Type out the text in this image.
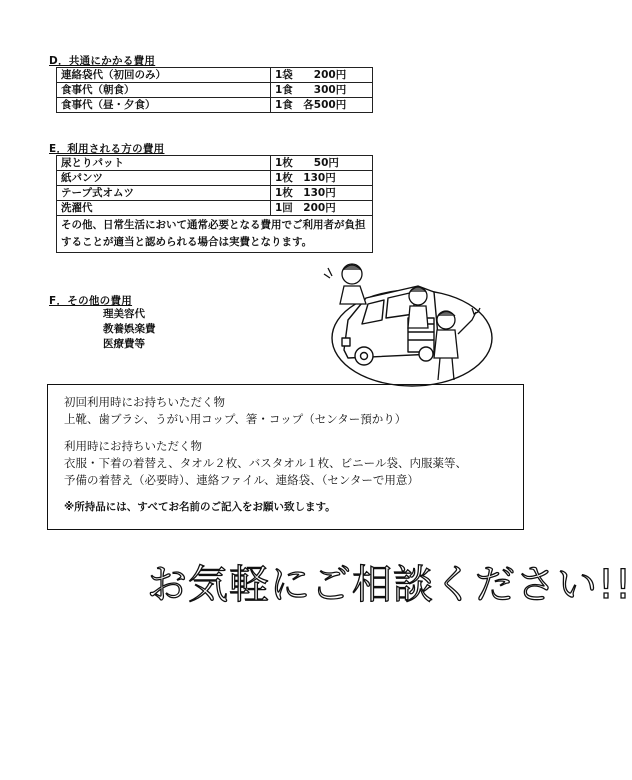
D．共通にかかる費用
連絡袋代（初回のみ）	1袋　　200円
食事代（朝食）	1食　　300円
食事代（昼・夕食）	1食　各500円
E．利用される方の費用
尿とりパット	1枚　　50円
紙パンツ	1枚　130円
テープ式オムツ	1枚　130円
洗濯代	1回　200円
その他、日常生活において通常必要となる費用でご利用者が負担することが適当と認められる場合は実費となります。	
F．その他の費用
理美容代
教養娯楽費
医療費等
初回利用時にお持ちいただく物
上靴、歯ブラシ、うがい用コップ、箸・コップ（センター預かり）
利用時にお持ちいただく物
衣服・下着の着替え、タオル２枚、バスタオル１枚、ビニール袋、内服薬等、
予備の着替え（必要時）、連絡ファイル、連絡袋、（センターで用意）
※所持品には、すべてお名前のご記入をお願い致します。
お気軽にご相談ください!!
